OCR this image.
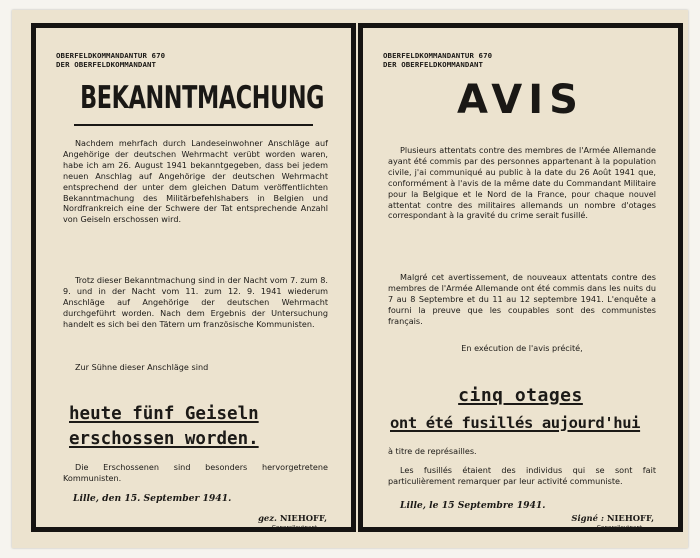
OBERFELDKOMMANDANTUR 670
DER OBERFELDKOMMANDANT
BEKANNTMACHUNG
Nachdem mehrfach durch Landeseinwohner Anschläge auf Angehörige der deutschen Wehrmacht verübt worden waren, habe ich am 26. August 1941 bekanntgegeben, dass bei jedem neuen Anschlag auf Angehörige der deutschen Wehrmacht entsprechend der unter dem gleichen Datum veröffentlichten Bekanntmachung des Militärbefehlshabers in Belgien und Nordfrankreich eine der Schwere der Tat entsprechende Anzahl von Geiseln erschossen wird.
Trotz dieser Bekanntmachung sind in der Nacht vom 7. zum 8. 9. und in der Nacht vom 11. zum 12. 9. 1941 wiederum Anschläge auf Angehörige der deutschen Wehrmacht durchgeführt worden. Nach dem Ergebnis der Untersuchung handelt es sich bei den Tätern um französische Kommunisten.
Zur Sühne dieser Anschläge sind
heute fünf Geiseln
erschossen worden.
Die Erschossenen sind besonders hervorgetretene Kommunisten.
Lille, den 15. September 1941.
gez. NIEHOFF,
Generalleutnant.
OBERFELDKOMMANDANTUR 670
DER OBERFELDKOMMANDANT
AVIS
Plusieurs attentats contre des membres de l'Armée Allemande ayant été commis par des personnes appartenant à la population civile, j'ai communiqué au public à la date du 26 Août 1941 que, conformément à l'avis de la même date du Commandant Militaire pour la Belgique et le Nord de la France, pour chaque nouvel attentat contre des militaires allemands un nombre d'otages correspondant à la gravité du crime serait fusillé.
Malgré cet avertissement, de nouveaux attentats contre des membres de l'Armée Allemande ont été commis dans les nuits du 7 au 8 Septembre et du 11 au 12 septembre 1941. L'enquête a fourni la preuve que les coupables sont des communistes français.
En exécution de l'avis précité,
cinq otages
ont été fusillés aujourd'hui
à titre de représailles.
Les fusillés étaient des individus qui se sont fait particulièrement remarquer par leur activité communiste.
Lille, le 15 Septembre 1941.
Signé : NIEHOFF,
Generalleutnant.
